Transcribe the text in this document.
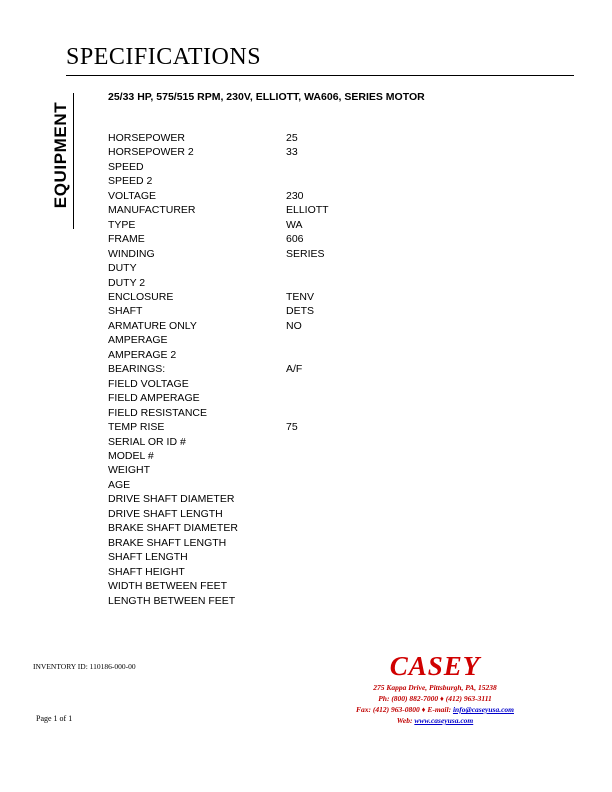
SPECIFICATIONS
EQUIPMENT
25/33 HP, 575/515 RPM, 230V, ELLIOTT, WA606, SERIES MOTOR
HORSEPOWER	25
HORSEPOWER 2	33
SPEED	
SPEED 2	
VOLTAGE	230
MANUFACTURER	ELLIOTT
TYPE	WA
FRAME	606
WINDING	SERIES
DUTY	
DUTY 2	
ENCLOSURE	TENV
SHAFT	DETS
ARMATURE ONLY	NO
AMPERAGE	
AMPERAGE 2	
BEARINGS:	A/F
FIELD VOLTAGE	
FIELD AMPERAGE	
FIELD RESISTANCE	
TEMP RISE	75
SERIAL OR ID #	
MODEL #	
WEIGHT	
AGE	
DRIVE SHAFT DIAMETER	
DRIVE SHAFT LENGTH	
BRAKE SHAFT DIAMETER	
BRAKE SHAFT LENGTH	
SHAFT LENGTH	
SHAFT HEIGHT	
WIDTH BETWEEN FEET	
LENGTH BETWEEN FEET	
INVENTORY ID: 110186-000-00
Page 1 of 1
CASEY
275 Kappa Drive, Pittsburgh, PA, 15238
Ph: (800) 882-7000 ♦ (412) 963-3111
Fax: (412) 963-0800 ♦ E-mail: info@caseyusa.com
Web: www.caseyusa.com
